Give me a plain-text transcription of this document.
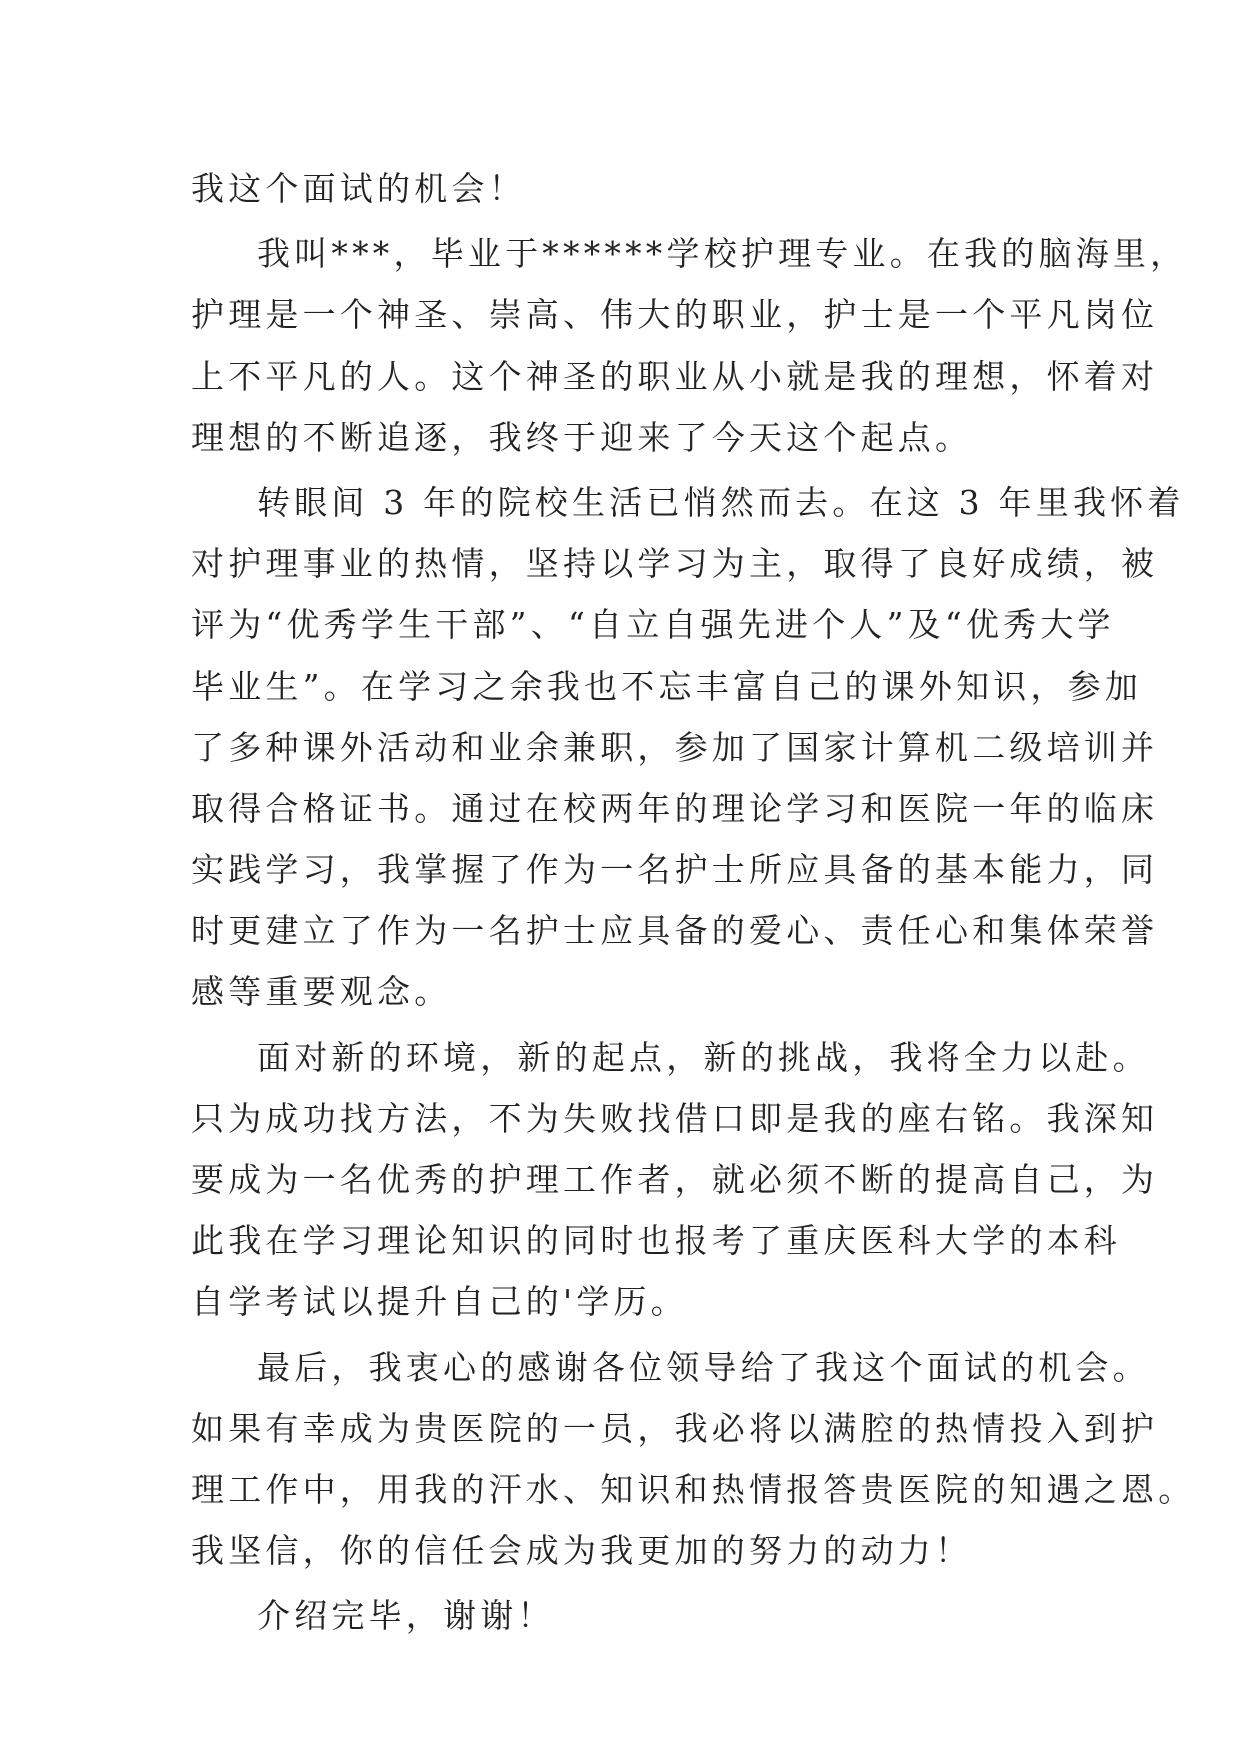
我这个面试的机会！
我叫***，毕业于******学校护理专业。在我的脑海里，
护理是一个神圣、崇高、伟大的职业，护士是一个平凡岗位
上不平凡的人。这个神圣的职业从小就是我的理想，怀着对
理想的不断追逐，我终于迎来了今天这个起点。
转眼间 3 年的院校生活已悄然而去。在这 3 年里我怀着
对护理事业的热情，坚持以学习为主，取得了良好成绩，被
评为“优秀学生干部”、“自立自强先进个人”及“优秀大学
毕业生”。在学习之余我也不忘丰富自己的课外知识，参加
了多种课外活动和业余兼职，参加了国家计算机二级培训并
取得合格证书。通过在校两年的理论学习和医院一年的临床
实践学习，我掌握了作为一名护士所应具备的基本能力，同
时更建立了作为一名护士应具备的爱心、责任心和集体荣誉
感等重要观念。
面对新的环境，新的起点，新的挑战，我将全力以赴。
只为成功找方法，不为失败找借口即是我的座右铭。我深知
要成为一名优秀的护理工作者，就必须不断的提高自己，为
此我在学习理论知识的同时也报考了重庆医科大学的本科
自学考试以提升自己的'学历。
最后，我衷心的感谢各位领导给了我这个面试的机会。
如果有幸成为贵医院的一员，我必将以满腔的热情投入到护
理工作中，用我的汗水、知识和热情报答贵医院的知遇之恩。
我坚信，你的信任会成为我更加的努力的动力！
介绍完毕，谢谢！
